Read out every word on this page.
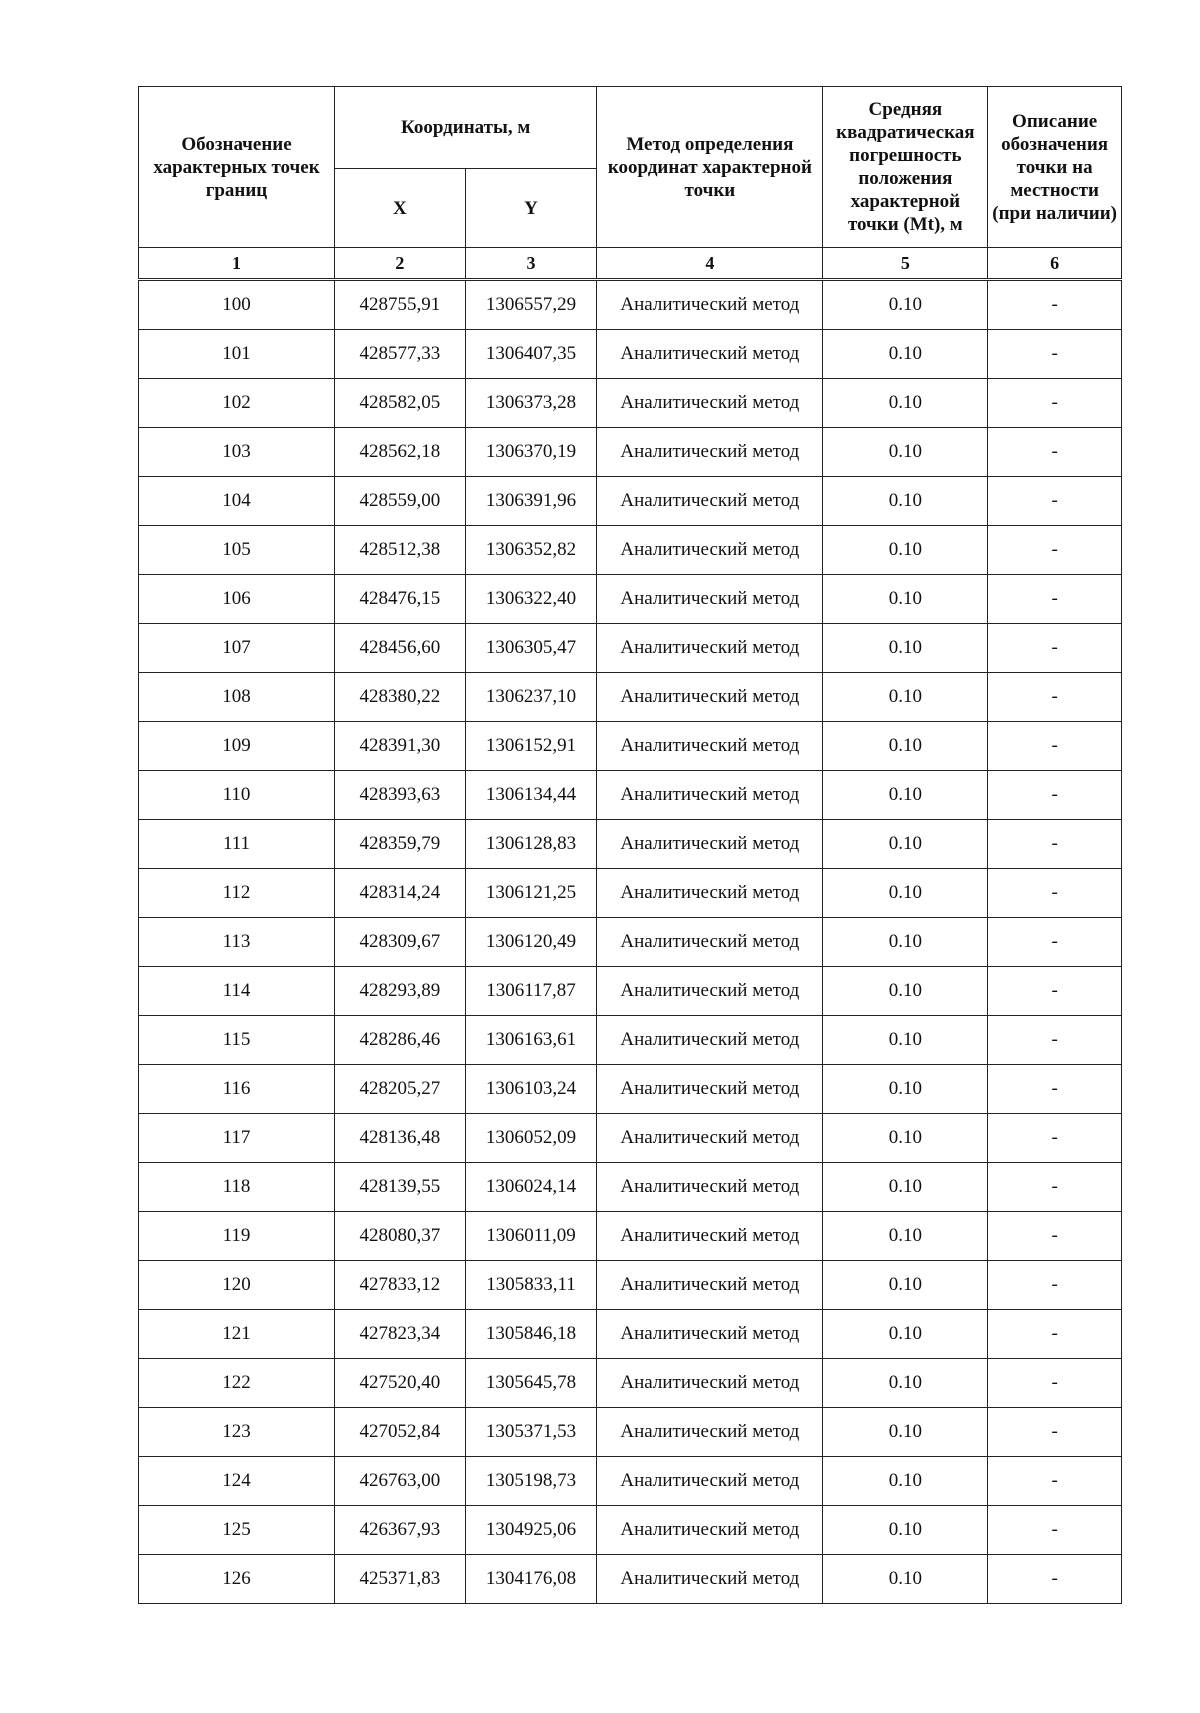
Обозначение характерных точек границ	Координаты, м		Метод определения координат характерной точки	Средняя квадратическая погрешность положения характерной точки (Mt), м	Описание обозначения точки на местности (при наличии)
	X	Y			
1	2	3	4	5	6
100	428755,91	1306557,29	Аналитический метод	0.10	-
101	428577,33	1306407,35	Аналитический метод	0.10	-
102	428582,05	1306373,28	Аналитический метод	0.10	-
103	428562,18	1306370,19	Аналитический метод	0.10	-
104	428559,00	1306391,96	Аналитический метод	0.10	-
105	428512,38	1306352,82	Аналитический метод	0.10	-
106	428476,15	1306322,40	Аналитический метод	0.10	-
107	428456,60	1306305,47	Аналитический метод	0.10	-
108	428380,22	1306237,10	Аналитический метод	0.10	-
109	428391,30	1306152,91	Аналитический метод	0.10	-
110	428393,63	1306134,44	Аналитический метод	0.10	-
111	428359,79	1306128,83	Аналитический метод	0.10	-
112	428314,24	1306121,25	Аналитический метод	0.10	-
113	428309,67	1306120,49	Аналитический метод	0.10	-
114	428293,89	1306117,87	Аналитический метод	0.10	-
115	428286,46	1306163,61	Аналитический метод	0.10	-
116	428205,27	1306103,24	Аналитический метод	0.10	-
117	428136,48	1306052,09	Аналитический метод	0.10	-
118	428139,55	1306024,14	Аналитический метод	0.10	-
119	428080,37	1306011,09	Аналитический метод	0.10	-
120	427833,12	1305833,11	Аналитический метод	0.10	-
121	427823,34	1305846,18	Аналитический метод	0.10	-
122	427520,40	1305645,78	Аналитический метод	0.10	-
123	427052,84	1305371,53	Аналитический метод	0.10	-
124	426763,00	1305198,73	Аналитический метод	0.10	-
125	426367,93	1304925,06	Аналитический метод	0.10	-
126	425371,83	1304176,08	Аналитический метод	0.10	-
